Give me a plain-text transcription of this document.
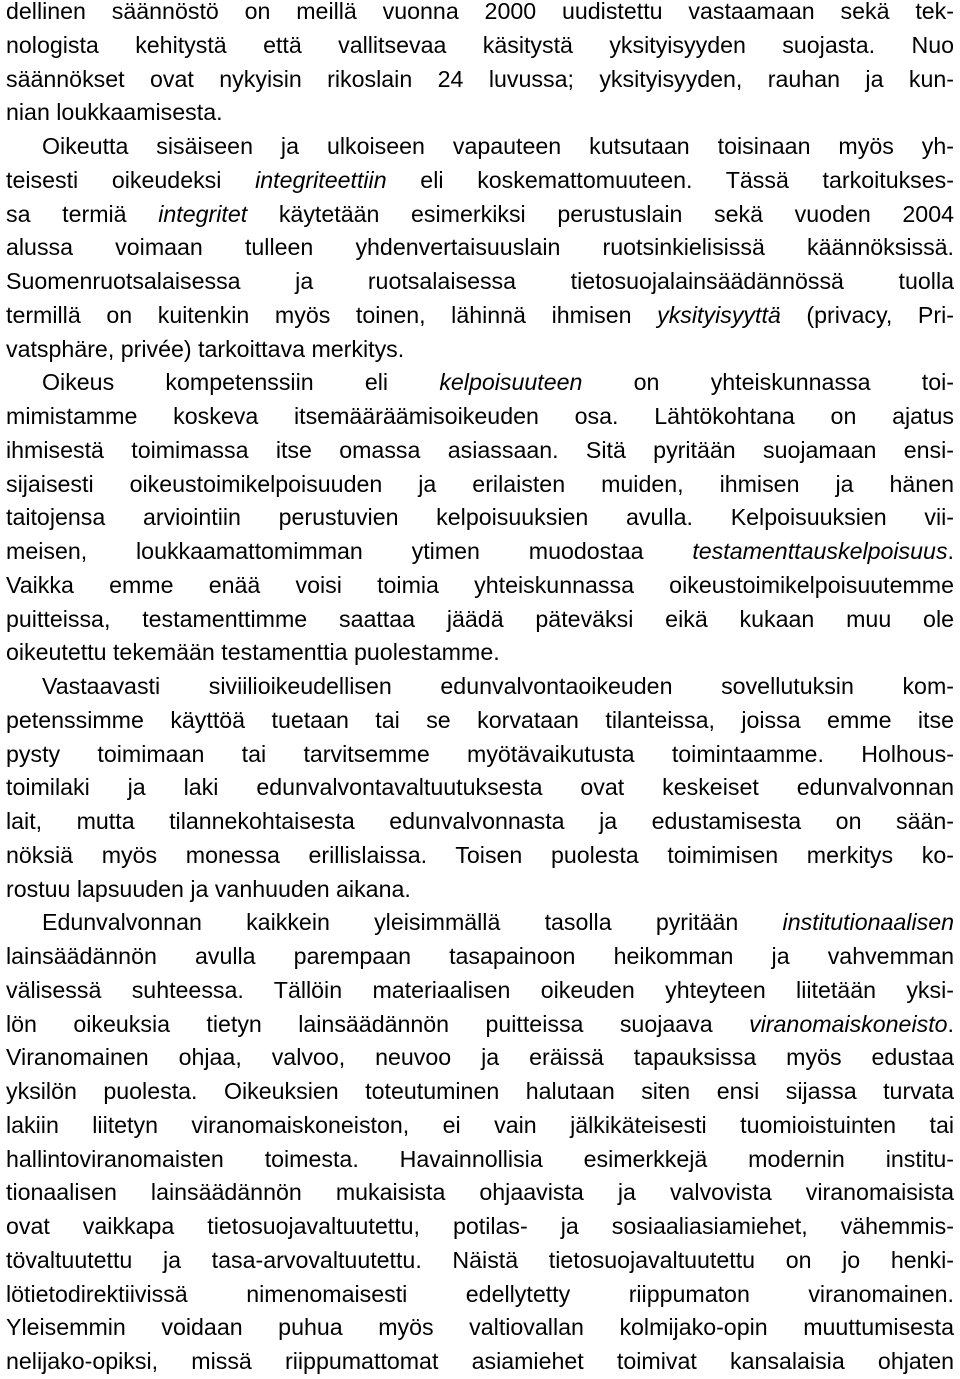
dellinen säännöstö on meillä vuonna 2000 uudistettu vastaamaan sekä tek-
nologista kehitystä että vallitsevaa käsitystä yksityisyyden suojasta. Nuo
säännökset ovat nykyisin rikoslain 24 luvussa; yksityisyyden, rauhan ja kun-
nian loukkaamisesta.
Oikeutta sisäiseen ja ulkoiseen vapauteen kutsutaan toisinaan myös yh-
teisesti oikeudeksi integriteettiin eli koskemattomuuteen. Tässä tarkoitukses-
sa termiä integritet käytetään esimerkiksi perustuslain sekä vuoden 2004
alussa voimaan tulleen yhdenvertaisuuslain ruotsinkielisissä käännöksissä.
Suomenruotsalaisessa ja ruotsalaisessa tietosuojalainsäädännössä tuolla
termillä on kuitenkin myös toinen, lähinnä ihmisen yksityisyyttä (privacy, Pri-
vatsphäre, privée) tarkoittava merkitys.
Oikeus kompetenssiin eli kelpoisuuteen on yhteiskunnassa toi-
mimistamme koskeva itsemääräämisoikeuden osa. Lähtökohtana on ajatus
ihmisestä toimimassa itse omassa asiassaan. Sitä pyritään suojamaan ensi-
sijaisesti oikeustoimikelpoisuuden ja erilaisten muiden, ihmisen ja hänen
taitojensa arviointiin perustuvien kelpoisuuksien avulla. Kelpoisuuksien vii-
meisen, loukkaamattomimman ytimen muodostaa testamenttauskelpoisuus.
Vaikka emme enää voisi toimia yhteiskunnassa oikeustoimikelpoisuutemme
puitteissa, testamenttimme saattaa jäädä päteväksi eikä kukaan muu ole
oikeutettu tekemään testamenttia puolestamme.
Vastaavasti siviilioikeudellisen edunvalvontaoikeuden sovellutuksin kom-
petenssimme käyttöä tuetaan tai se korvataan tilanteissa, joissa emme itse
pysty toimimaan tai tarvitsemme myötävaikutusta toimintaamme. Holhous-
toimilaki ja laki edunvalvontavaltuutuksesta ovat keskeiset edunvalvonnan
lait, mutta tilannekohtaisesta edunvalvonnasta ja edustamisesta on sään-
nöksiä myös monessa erillislaissa. Toisen puolesta toimimisen merkitys ko-
rostuu lapsuuden ja vanhuuden aikana.
Edunvalvonnan kaikkein yleisimmällä tasolla pyritään institutionaalisen
lainsäädännön avulla parempaan tasapainoon heikomman ja vahvemman
välisessä suhteessa. Tällöin materiaalisen oikeuden yhteyteen liitetään yksi-
lön oikeuksia tietyn lainsäädännön puitteissa suojaava viranomaiskoneisto.
Viranomainen ohjaa, valvoo, neuvoo ja eräissä tapauksissa myös edustaa
yksilön puolesta. Oikeuksien toteutuminen halutaan siten ensi sijassa turvata
lakiin liitetyn viranomaiskoneiston, ei vain jälkikäteisesti tuomioistuinten tai
hallintoviranomaisten toimesta. Havainnollisia esimerkkejä modernin institu-
tionaalisen lainsäädännön mukaisista ohjaavista ja valvovista viranomaisista
ovat vaikkapa tietosuojavaltuutettu, potilas- ja sosiaaliasiamiehet, vähemmis-
tövaltuutettu ja tasa-arvovaltuutettu. Näistä tietosuojavaltuutettu on jo henki-
lötietodirektiivissä nimenomaisesti edellytetty riippumaton viranomainen.
Yleisemmin voidaan puhua myös valtiovallan kolmijako-opin muuttumisesta
nelijako-opiksi, missä riippumattomat asiamiehet toimivat kansalaisia ohjaten
